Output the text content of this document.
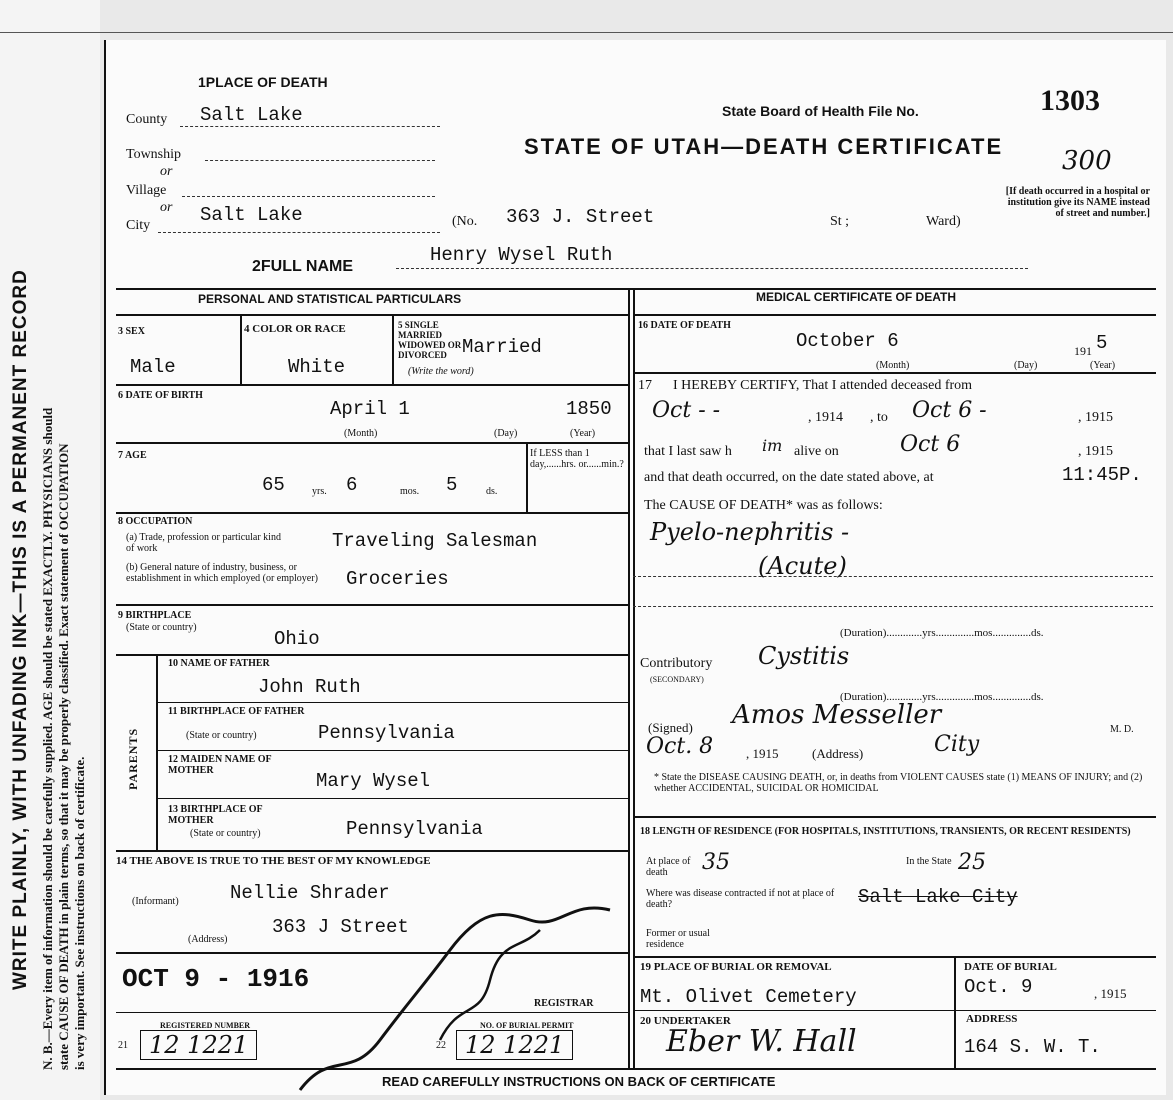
WRITE PLAINLY, WITH UNFADING INK—THIS IS A PERMANENT RECORD N. B.—Every item of information should be carefully supplied. AGE should be stated EXACTLY. PHYSICIANS should state CAUSE OF DEATH in plain terms, so that it may be properly classified. Exact statement of OCCUPATION is very important. See instructions on back of certificate.
1PLACE OF DEATH
County Salt Lake
Township
or
Village
or
City	Salt Lake	(No. 363 J. Street	St ;	Ward)
State Board of Health File No.	1303
STATE OF UTAH—DEATH CERTIFICATE 300
[If death occurred in a hospital or institution give its NAME instead of street and number.]
2FULL NAME
Henry Wysel Ruth
PERSONAL AND STATISTICAL PARTICULARS
3 SEX
Male
4 COLOR OR RACE
White
5 SINGLE MARRIED WIDOWED OR DIVORCED Married
(Write the word)
6 DATE OF BIRTH
April 1	1850
(Month)	(Day)	(Year)
7 AGE
65	yrs. 6	mos. 5	ds.
If LESS than 1 day,......hrs. or......min.?
8 OCCUPATION
(a) Trade, profession or particular kind of work	Traveling Salesman
(b) General nature of industry, business, or establishment in which employed (or employer)	Groceries
9 BIRTHPLACE
(State or country)
Ohio
PARENTS
10 NAME OF FATHER
John Ruth
11 BIRTHPLACE OF FATHER
(State or country)	Pennsylvania
12 MAIDEN NAME OF MOTHER	Mary Wysel
13 BIRTHPLACE OF MOTHER
(State or country)	Pennsylvania
14 THE ABOVE IS TRUE TO THE BEST OF MY KNOWLEDGE
(Informant)	Nellie Shrader
(Address)
363 J Street
OCT 9 - 1916
REGISTRAR
REGISTERED NUMBER
21 12 1221
NO. OF BURIAL PERMIT
22 12 1221
MEDICAL CERTIFICATE OF DEATH
16 DATE OF DEATH
October 6	191 5
(Month)	(Day)	(Year)
17      I HEREBY CERTIFY, That I attended deceased from
Oct - -	, 1914 , to Oct 6 -	, 1915
that I last saw h im alive on	Oct 6	, 1915
and that death occurred, on the date stated above, at	11:45P.
The CAUSE OF DEATH* was as follows:
Pyelo-nephritis -
(Acute)
(Duration).............yrs..............mos..............ds.
Contributory
(SECONDARY)
Cystitis
(Duration).............yrs..............mos..............ds.
(Signed) Amos Messeller	M. D.
Oct. 8	, 1915	(Address)	City
* State the DISEASE CAUSING DEATH, or, in deaths from VIOLENT CAUSES state (1) MEANS OF INJURY; and (2) whether ACCIDENTAL, SUICIDAL OR HOMICIDAL
18 LENGTH OF RESIDENCE (FOR HOSPITALS, INSTITUTIONS, TRANSIENTS, OR RECENT RESIDENTS)
At place of death	35	In the State 25
Where was disease contracted if not at place of death?	Salt Lake City
Former or usual residence
19 PLACE OF BURIAL OR REMOVAL
Mt. Olivet Cemetery
DATE OF BURIAL
Oct. 9	, 1915
20 UNDERTAKER
Eber W. Hall
ADDRESS
164 S. W. T.
READ CAREFULLY INSTRUCTIONS ON BACK OF CERTIFICATE
